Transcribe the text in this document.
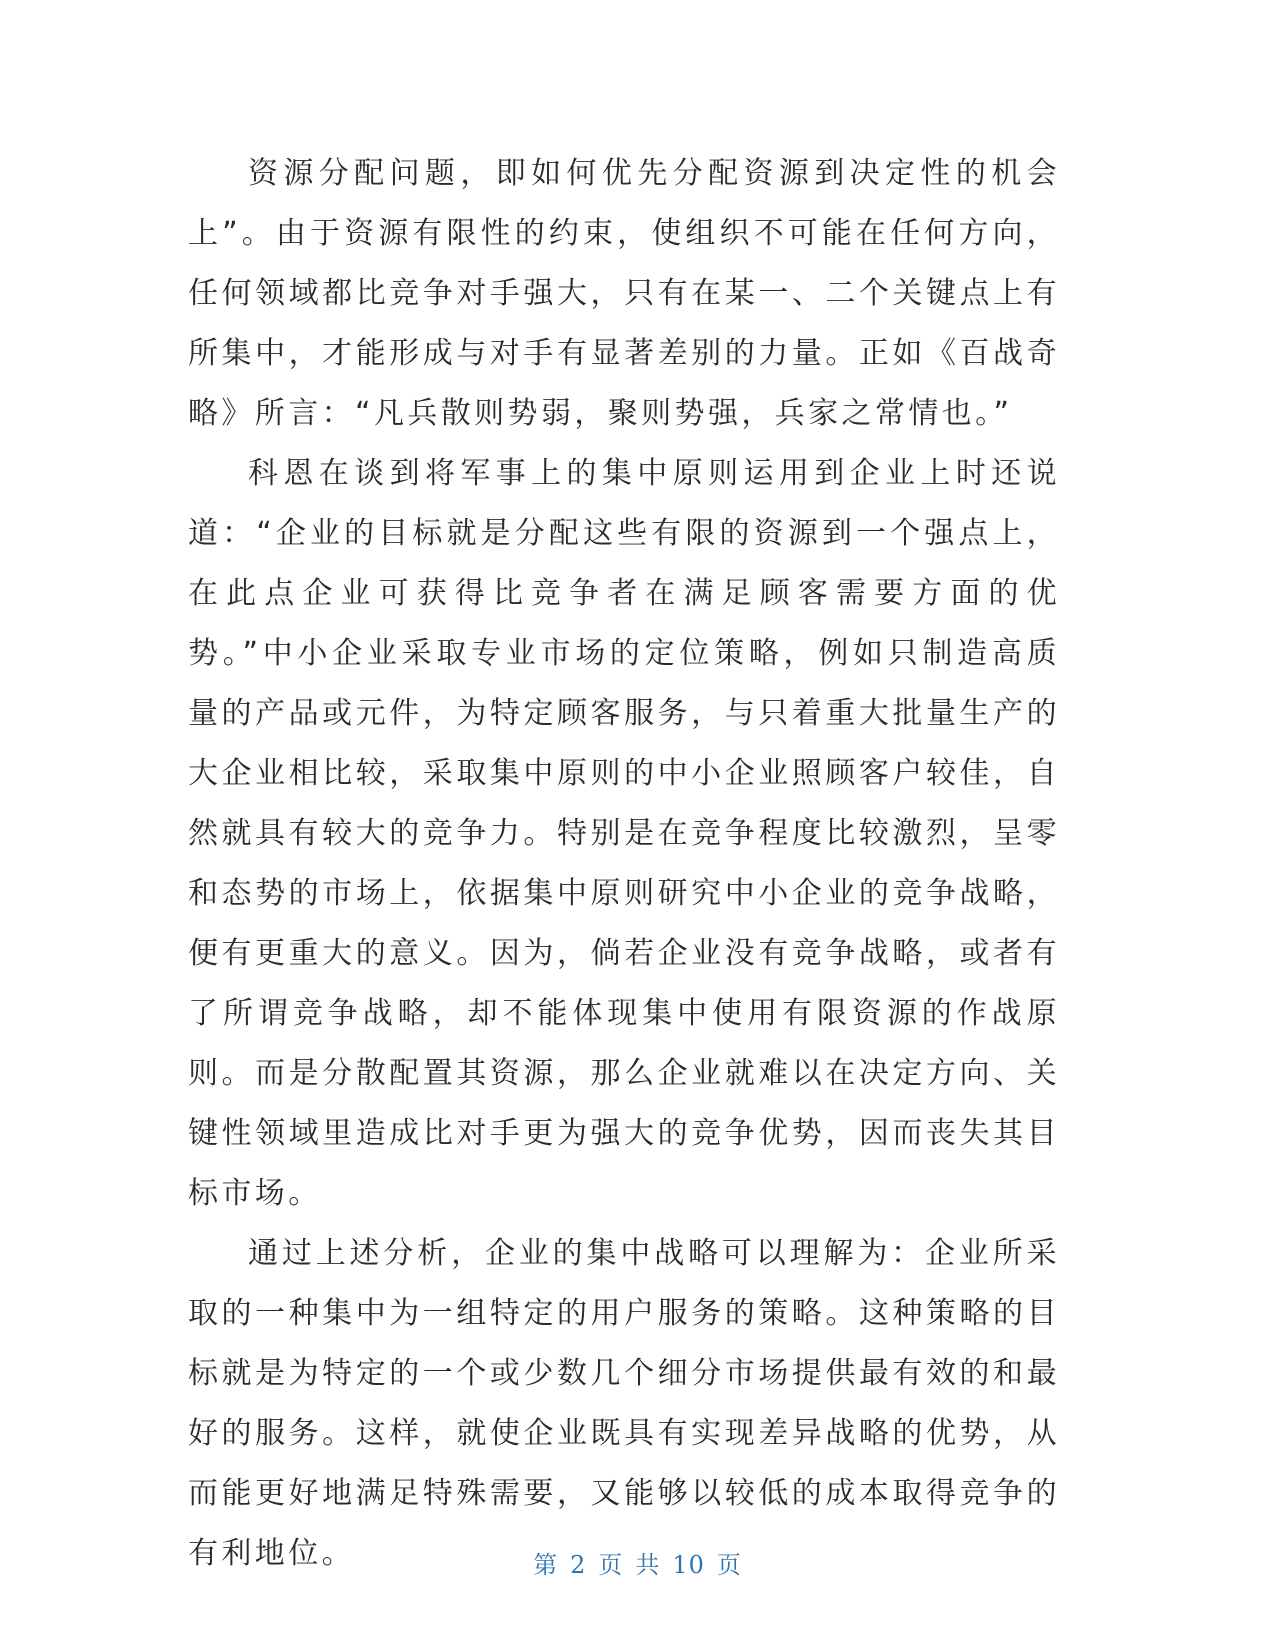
资源分配问题，即如何优先分配资源到决定性的机会上”。由于资源有限性的约束，使组织不可能在任何方向，任何领域都比竞争对手强大，只有在某一、二个关键点上有所集中，才能形成与对手有显著差别的力量。正如《百战奇略》所言：“凡兵散则势弱，聚则势强，兵家之常情也。”

科恩在谈到将军事上的集中原则运用到企业上时还说道：“企业的目标就是分配这些有限的资源到一个强点上，在此点企业可获得比竞争者在满足顾客需要方面的优势。”中小企业采取专业市场的定位策略，例如只制造高质量的产品或元件，为特定顾客服务，与只着重大批量生产的大企业相比较，采取集中原则的中小企业照顾客户较佳，自然就具有较大的竞争力。特别是在竞争程度比较激烈，呈零和态势的市场上，依据集中原则研究中小企业的竞争战略，便有更重大的意义。因为，倘若企业没有竞争战略，或者有了所谓竞争战略，却不能体现集中使用有限资源的作战原则。而是分散配置其资源，那么企业就难以在决定方向、关键性领域里造成比对手更为强大的竞争优势，因而丧失其目标市场。

通过上述分析，企业的集中战略可以理解为：企业所采取的一种集中为一组特定的用户服务的策略。这种策略的目标就是为特定的一个或少数几个细分市场提供最有效的和最好的服务。这样，就使企业既具有实现差异战略的优势，从而能更好地满足特殊需要，又能够以较低的成本取得竞争的有利地位。	第 2 页 共 10 页
